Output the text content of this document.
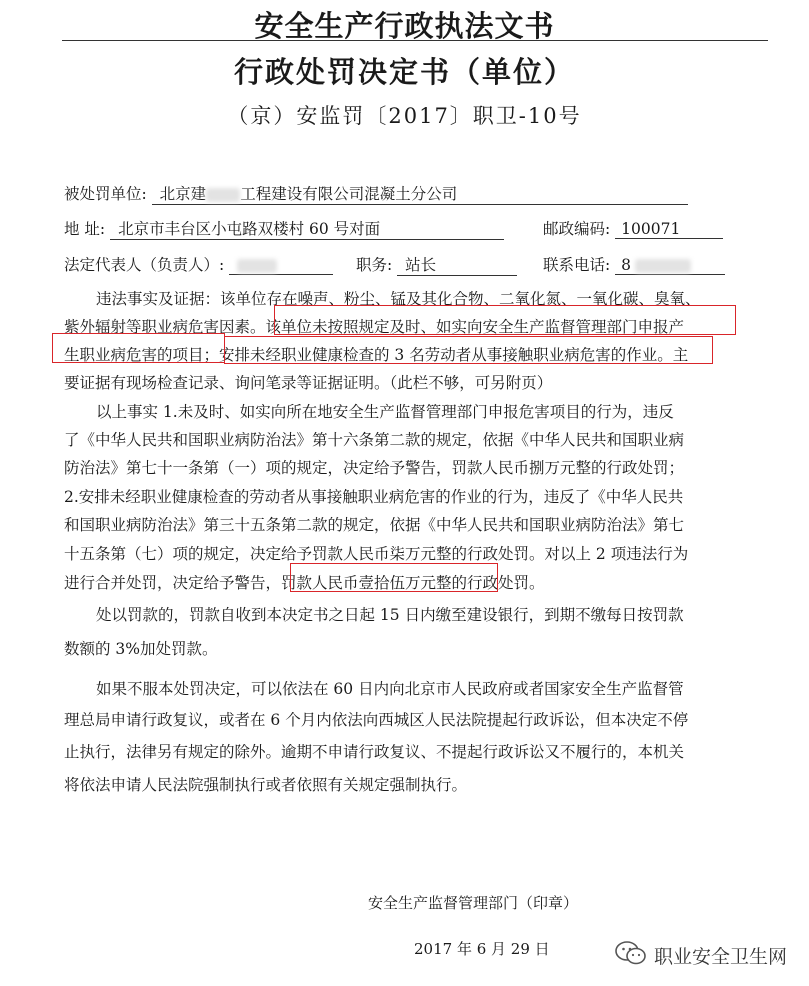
安全生产行政执法文书
行政处罚决定书（单位）
（京）安监罚〔2017〕职卫-10号
被处罚单位: 北京建 工程建设有限公司混凝土分公司
地 址: 北京市丰台区小屯路双楼村 60 号对面	邮政编码: 100071
法定代表人（负责人）:	职务: 站长	联系电话: 8
违法事实及证据：该单位存在噪声、粉尘、锰及其化合物、二氧化氮、一氧化碳、臭氧、
紫外辐射等职业病危害因素。该单位未按照规定及时、如实向安全生产监督管理部门申报产
生职业病危害的项目；安排未经职业健康检查的 3 名劳动者从事接触职业病危害的作业。主
要证据有现场检查记录、询问笔录等证据证明。（此栏不够，可另附页）
以上事实 1.未及时、如实向所在地安全生产监督管理部门申报危害项目的行为，违反
了《中华人民共和国职业病防治法》第十六条第二款的规定，依据《中华人民共和国职业病
防治法》第七十一条第（一）项的规定，决定给予警告，罚款人民币捌万元整的行政处罚；
2.安排未经职业健康检查的劳动者从事接触职业病危害的作业的行为，违反了《中华人民共
和国职业病防治法》第三十五条第二款的规定，依据《中华人民共和国职业病防治法》第七
十五条第（七）项的规定，决定给予罚款人民币柒万元整的行政处罚。对以上 2 项违法行为
进行合并处罚，决定给予警告，罚款人民币壹拾伍万元整的行政处罚。
处以罚款的，罚款自收到本决定书之日起 15 日内缴至建设银行，到期不缴每日按罚款
数额的 3%加处罚款。
如果不服本处罚决定，可以依法在 60 日内向北京市人民政府或者国家安全生产监督管
理总局申请行政复议，或者在 6 个月内依法向西城区人民法院提起行政诉讼，但本决定不停
止执行，法律另有规定的除外。逾期不申请行政复议、不提起行政诉讼又不履行的，本机关
将依法申请人民法院强制执行或者依照有关规定强制执行。
安全生产监督管理部门（印章）
2017 年 6 月 29 日	职业安全卫生网
